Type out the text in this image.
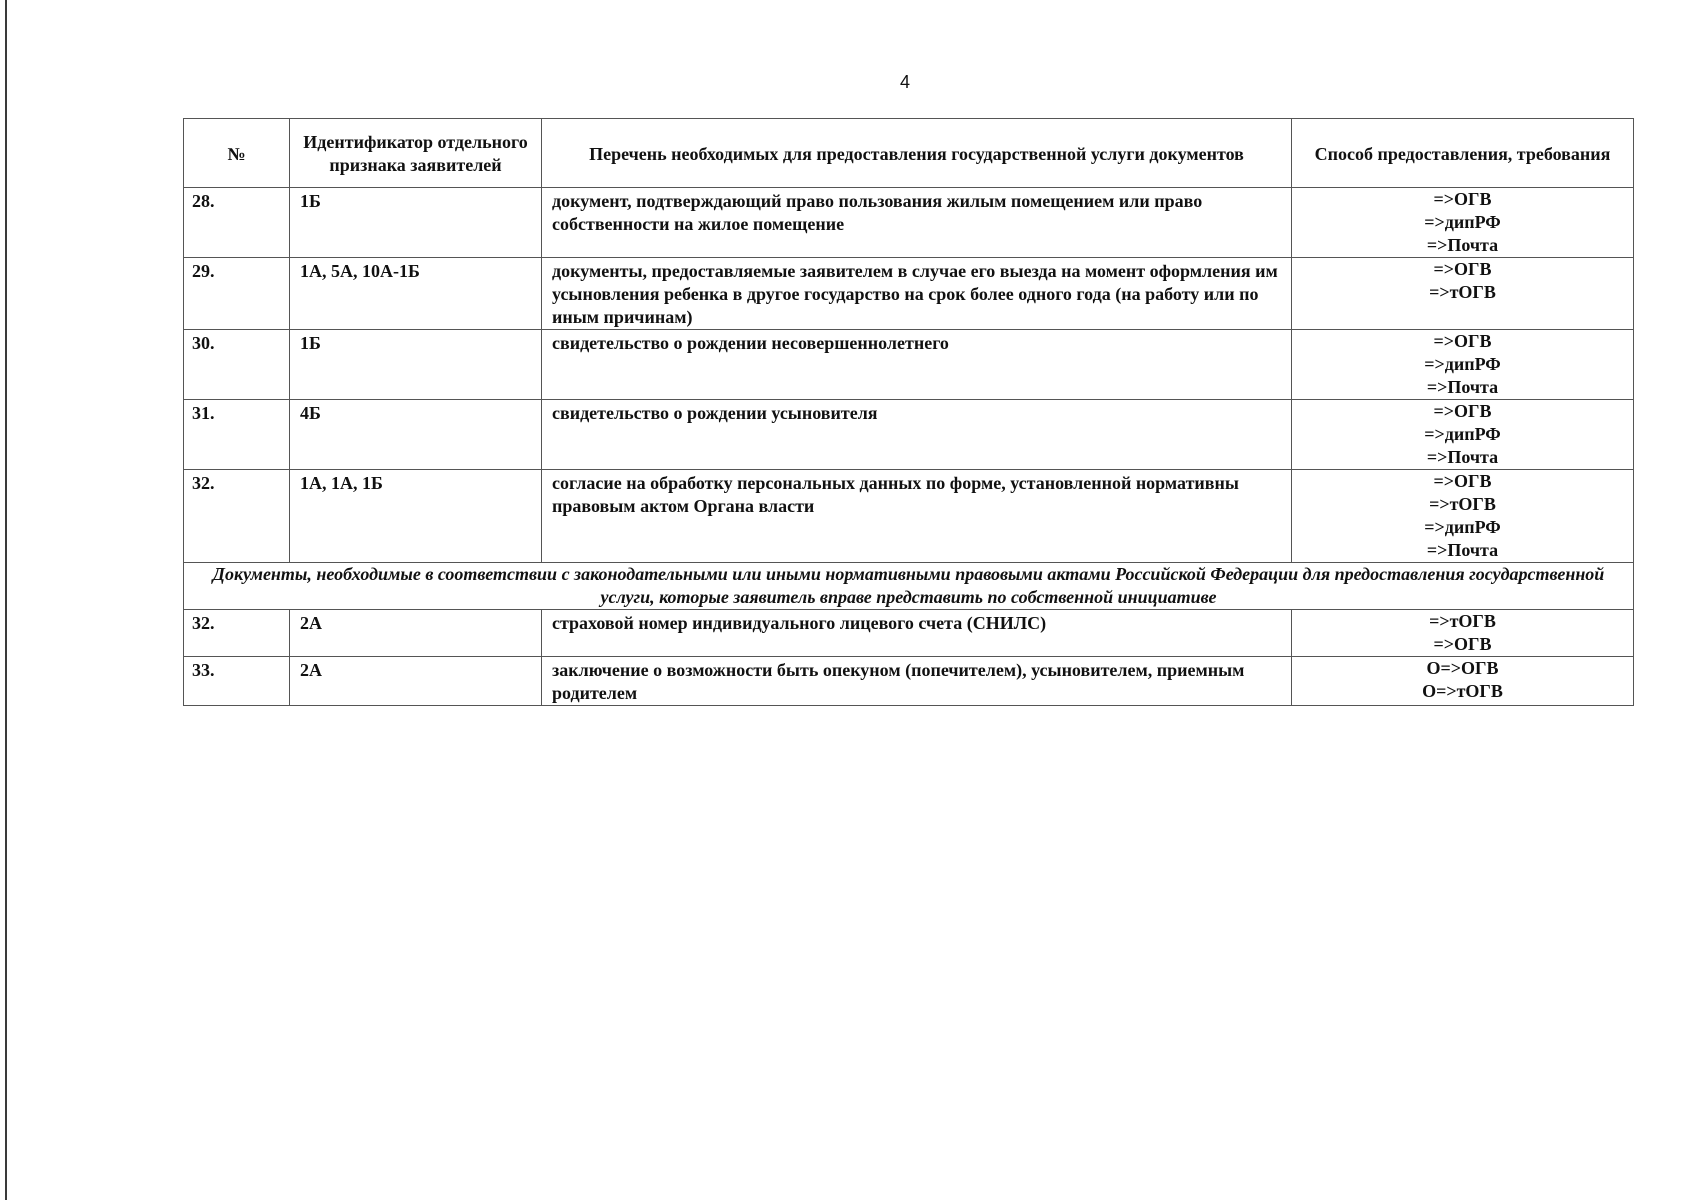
4
№	Идентификатор отдельного признака заявителей	Перечень необходимых для предоставления государственной услуги документов	Способ предоставления, требования
28.	1Б	документ, подтверждающий право пользования жилым помещением или право собственности на жилое помещение	=>ОГВ
=>дипРФ
=>Почта

29.	1А, 5А, 10А-1Б	документы, предоставляемые заявителем в случае его выезда на момент оформления им усыновления ребенка в другое государство на срок более одного года (на работу или по иным причинам)	=>ОГВ
=>тОГВ

30.	1Б	свидетельство о рождении несовершеннолетнего	=>ОГВ
=>дипРФ
=>Почта

31.	4Б	свидетельство о рождении усыновителя	=>ОГВ
=>дипРФ
=>Почта

32.	1А, 1А, 1Б	согласие на обработку персональных данных по форме, установленной нормативны правовым актом Органа власти	=>ОГВ
=>тОГВ
=>дипРФ
=>Почта

Документы, необходимые в соответствии с законодательными или иными нормативными правовыми актами Российской Федерации для предоставления государственной услуги, которые заявитель вправе представить по собственной инициативе			
32.	2А	страховой номер индивидуального лицевого счета (СНИЛС)	=>тОГВ
=>ОГВ

33.	2А	заключение о возможности быть опекуном (попечителем), усыновителем, приемным родителем	О=>ОГВ
О=>тОГВ
